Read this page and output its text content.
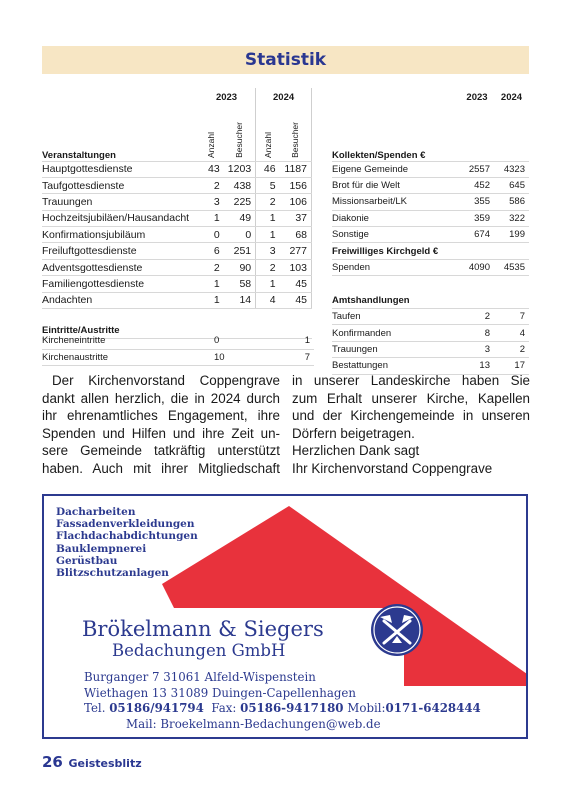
Statistik
	2023		2024	
Veranstaltungen	Anzahl	Besucher	Anzahl	Besucher
Hauptgottesdienste	43	1203	46	1187
Taufgottesdienste	2	438	5	156
Trauungen	3	225	2	106
Hochzeitsjubiläen/Hausandacht	1	49	1	37
Konfirmationsjubiläum	0	0	1	68
Freiluftgottesdienste	6	251	3	277
Adventsgottesdienste	2	90	2	103
Familiengottesdienste	1	58	1	45
Andachten	1	14	4	45

Eintritte/Austritte				
Kircheneintritte	0	1
Kirchenaustritte	10	7
	2023	2024
Kollekten/Spenden €		
Eigene Gemeinde	2557	4323
Brot für die Welt	452	645
Missionsarbeit/LK	355	586
Diakonie	359	322
Sonstige	674	199
Freiwilliges Kirchgeld €		
Spenden	4090	4535

Amtshandlungen		
Taufen	2	7
Konfirmanden	8	4
Trauungen	3	2
Bestattungen	13	17

Der Kirchenvorstand Coppengrave
dankt allen herzlich, die in 2024 durch
ihr ehrenamtliches Engagement, ihre
Spenden und Hilfen und ihre Zeit un-
sere Gemeinde tatkräftig unterstützt
haben. Auch mit ihrer Mitgliedschaft

in unserer Landeskirche haben Sie
zum Erhalt unserer Kirche, Kapellen
und der Kirchengemeinde in unseren
Dörfern beigetragen.
Herzlichen Dank sagt
Ihr Kirchenvorstand Coppengrave

Dacharbeiten
Fassadenverkleidungen
Flachdachabdichtungen
Bauklempnerei
Gerüstbau
Blitzschutzanlagen
Brökelmann & Siegers
Bedachungen GmbH
Burganger 7 31061 Alfeld-Wispenstein
Wiethagen 13 31089 Duingen-Capellenhagen
Tel. 05186/941794 Fax: 05186-9417180 Mobil:0171-6428444
Mail: Broekelmann-Bedachungen@web.de
26 Geistesblitz
